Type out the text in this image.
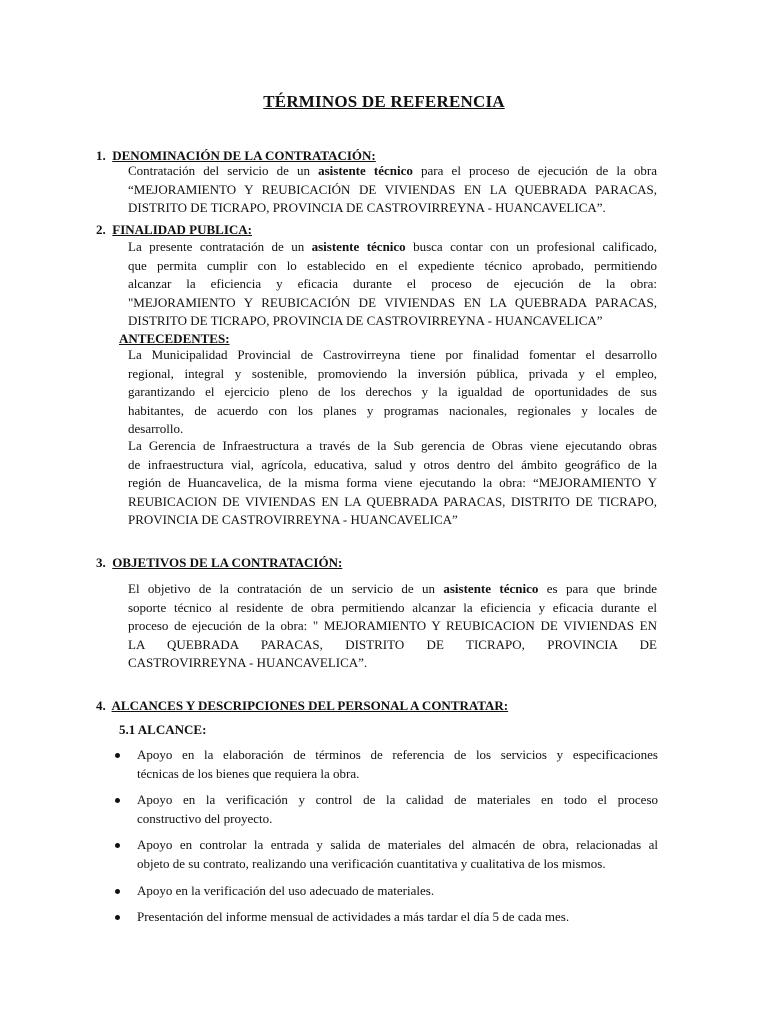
TÉRMINOS DE REFERENCIA
1. DENOMINACIÓN DE LA CONTRATACIÓN:
Contratación del servicio de un asistente técnico para el proceso de ejecución de la obra
“MEJORAMIENTO Y REUBICACIÓN DE VIVIENDAS EN LA QUEBRADA PARACAS,
DISTRITO DE TICRAPO, PROVINCIA DE CASTROVIRREYNA - HUANCAVELICA”.
2. FINALIDAD PUBLICA:
La presente contratación de un asistente técnico busca contar con un profesional calificado,
que permita cumplir con lo establecido en el expediente técnico aprobado, permitiendo
alcanzar la eficiencia y eficacia durante el proceso de ejecución de la obra:
"MEJORAMIENTO Y REUBICACIÓN DE VIVIENDAS EN LA QUEBRADA PARACAS,
DISTRITO DE TICRAPO, PROVINCIA DE CASTROVIRREYNA - HUANCAVELICA”
ANTECEDENTES:
La Municipalidad Provincial de Castrovirreyna tiene por finalidad fomentar el desarrollo
regional, integral y sostenible, promoviendo la inversión pública, privada y el empleo,
garantizando el ejercicio pleno de los derechos y la igualdad de oportunidades de sus
habitantes, de acuerdo con los planes y programas nacionales, regionales y locales de
desarrollo.
La Gerencia de Infraestructura a través de la Sub gerencia de Obras viene ejecutando obras
de infraestructura vial, agrícola, educativa, salud y otros dentro del ámbito geográfico de la
región de Huancavelica, de la misma forma viene ejecutando la obra: “MEJORAMIENTO Y
REUBICACION DE VIVIENDAS EN LA QUEBRADA PARACAS, DISTRITO DE TICRAPO,
PROVINCIA DE CASTROVIRREYNA - HUANCAVELICA”
3. OBJETIVOS DE LA CONTRATACIÓN:
El objetivo de la contratación de un servicio de un asistente técnico es para que brinde
soporte técnico al residente de obra permitiendo alcanzar la eficiencia y eficacia durante el
proceso de ejecución de la obra: " MEJORAMIENTO Y REUBICACION DE VIVIENDAS EN
LA QUEBRADA PARACAS, DISTRITO DE TICRAPO, PROVINCIA DE
CASTROVIRREYNA - HUANCAVELICA”.
4. ALCANCES Y DESCRIPCIONES DEL PERSONAL A CONTRATAR:
5.1 ALCANCE:
Apoyo en la elaboración de términos de referencia de los servicios y especificaciones
técnicas de los bienes que requiera la obra.
Apoyo en la verificación y control de la calidad de materiales en todo el proceso
constructivo del proyecto.
Apoyo en controlar la entrada y salida de materiales del almacén de obra, relacionadas al
objeto de su contrato, realizando una verificación cuantitativa y cualitativa de los mismos.
Apoyo en la verificación del uso adecuado de materiales.
Presentación del informe mensual de actividades a más tardar el día 5 de cada mes.
